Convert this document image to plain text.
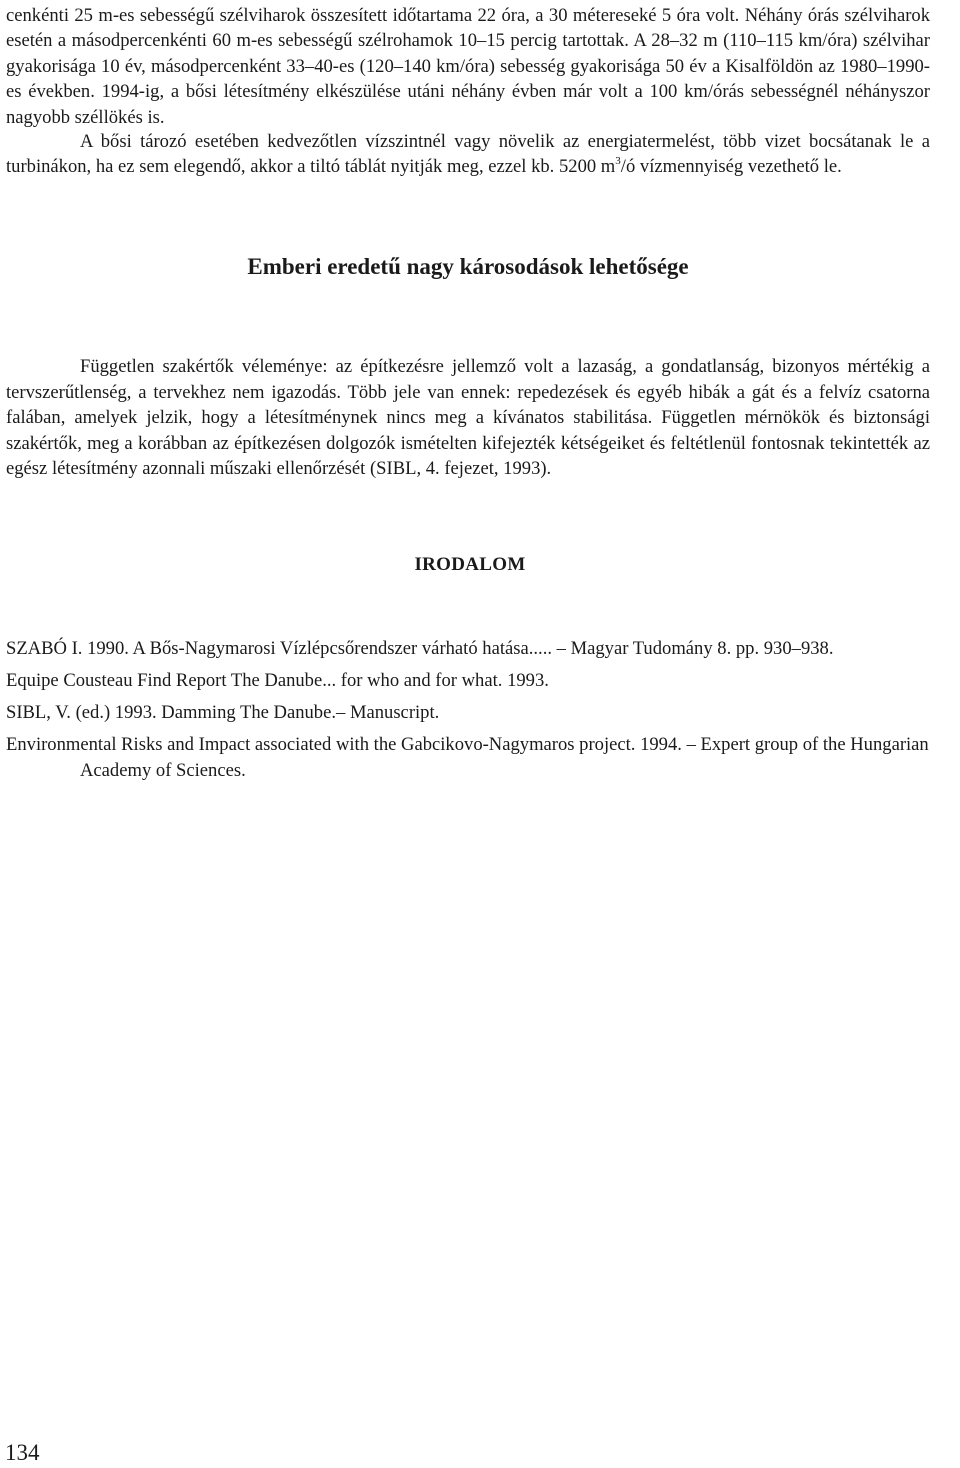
cenkénti 25 m-es sebességű szélviharok összesített időtartama 22 óra, a 30 métereseké 5 óra volt. Néhány órás szélviharok esetén a másodpercenkénti 60 m-es sebességű szélrohamok 10–15 percig tartottak. A 28–32 m (110–115 km/óra) szélvihar gyakorisága 10 év, másodpercenként 33–40-es (120–140 km/óra) sebesség gyakorisága 50 év a Kisalföldön az 1980–1990-es években. 1994-ig, a bősi létesítmény elkészülése utáni néhány évben már volt a 100 km/órás sebességnél néhányszor nagyobb széllökés is.

A bősi tározó esetében kedvezőtlen vízszintnél vagy növelik az energiatermelést, több vizet bocsátanak le a turbinákon, ha ez sem elegendő, akkor a tiltó táblát nyitják meg, ezzel kb. 5200 $m^3/ó$ vízmennyiség vezethető le.

Emberi eredetű nagy károsodások lehetősége

Független szakértők véleménye: az építkezésre jellemző volt a lazaság, a gondatlanság, bizonyos mértékig a tervszerűtlenség, a tervekhez nem igazodás. Több jele van ennek: repedezések és egyéb hibák a gát és a felvíz csatorna falában, amelyek jelzik, hogy a létesítménynek nincs meg a kívánatos stabilitása. Független mérnökök és biztonsági szakértők, meg a korábban az építkezésen dolgozók ismételten kifejezték kétségeiket és feltétlenül fontosnak tekintették az egész létesítmény azonnali műszaki ellenőrzését (SIBL, 4. fejezet, 1993).

IRODALOM
SZABÓ I. 1990. A Bős-Nagymarosi Vízlépcsőrendszer várható hatása..... – Magyar Tudomány 8. pp. 930–938.
Equipe Cousteau Find Report The Danube... for who and for what. 1993.
SIBL, V. (ed.) 1993. Damming The Danube.– Manuscript.
Environmental Risks and Impact associated with the Gabcikovo-Nagymaros project. 1994. – Expert group of the Hungarian Academy of Sciences.

134
